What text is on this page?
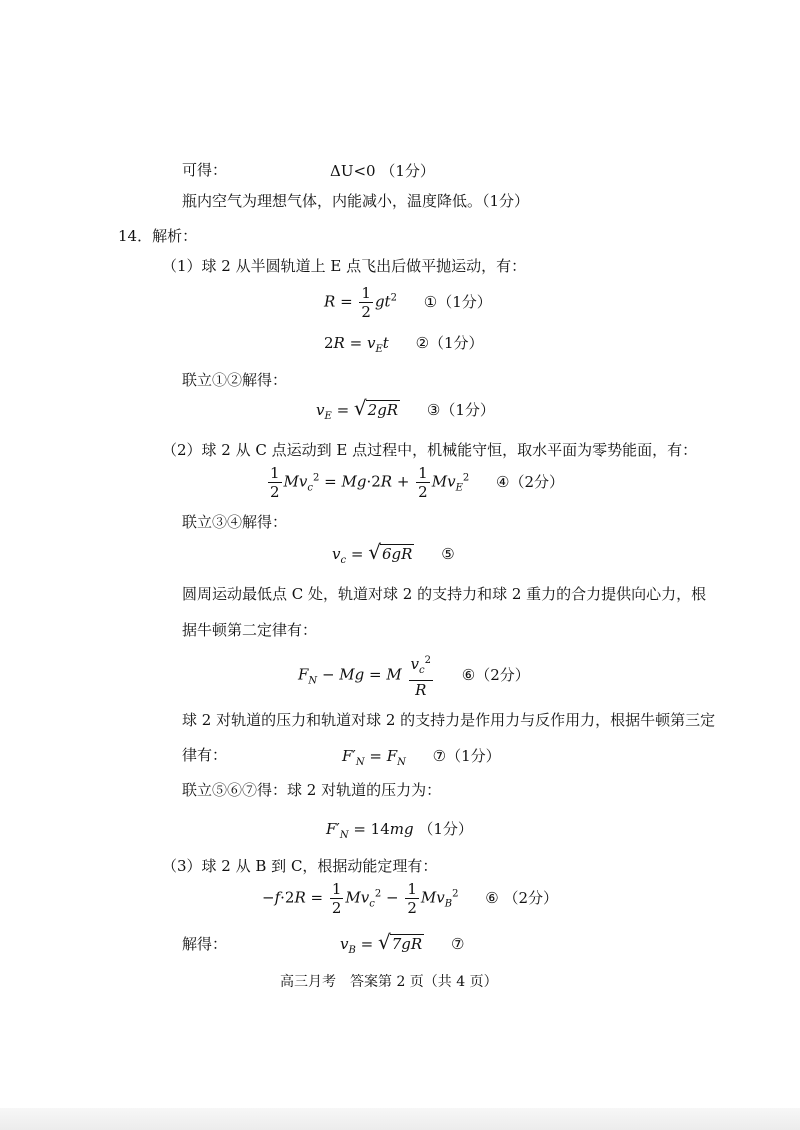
可得：	ΔU<0 （1分）
瓶内空气为理想气体，内能减小，温度降低。（1分）
14．解析：
（1）球 2 从半圆轨道上 E 点飞出后做平抛运动，有：
$R = \frac{1}{2} gt^2$ ①（1分）
$2R = v_Et$ ②（1分）
联立①②解得：
$v_E = √2gR$ ③（1分）
（2）球 2 从 C 点运动到 E 点过程中，机械能守恒，取水平面为零势能面，有：
$\frac{1}{2} Mv_c^2 = Mg\cdot 2R + \frac{1}{2} Mv_E^2$ ④（2分）
联立③④解得：
$v_c = √6gR$ ⑤
圆周运动最低点 C 处，轨道对球 2 的支持力和球 2 重力的合力提供向心力，根
据牛顿第二定律有：
$F_N - Mg = M \frac{v_c^2}{R}$ ⑥（2分）
球 2 对轨道的压力和轨道对球 2 的支持力是作用力与反作用力，根据牛顿第三定
律有：	$F'_N = F_N$ ⑦（1分）
联立⑤⑥⑦得：球 2 对轨道的压力为：
$F'_N = 14mg$ （1分）
（3）球 2 从 B 到 C，根据动能定理有：
$-f\cdot 2R = \frac{1}{2} Mv_c^2 - \frac{1}{2} Mv_B^2$ ⑥ （2分）
解得：	$v_B = √7gR$ ⑦
高三月考　答案第 2 页（共 4 页）
